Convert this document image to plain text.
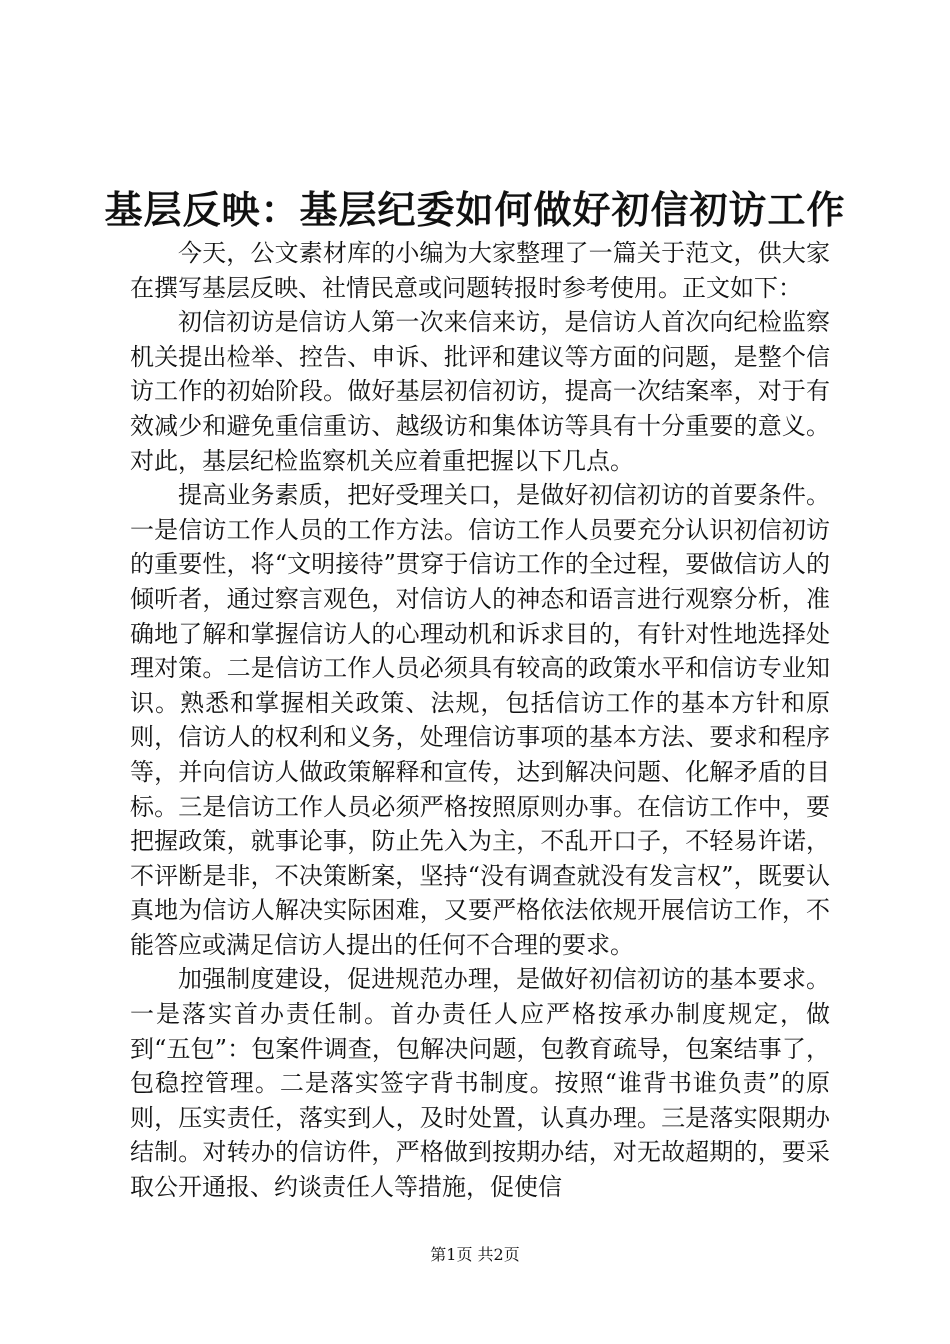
基层反映：基层纪委如何做好初信初访工作

今天，公文素材库的小编为大家整理了一篇关于范文，供大家在撰写基层反映、社情民意或问题转报时参考使用。正文如下：

初信初访是信访人第一次来信来访，是信访人首次向纪检监察机关提出检举、控告、申诉、批评和建议等方面的问题，是整个信访工作的初始阶段。做好基层初信初访，提高一次结案率，对于有效减少和避免重信重访、越级访和集体访等具有十分重要的意义。对此，基层纪检监察机关应着重把握以下几点。

提高业务素质，把好受理关口，是做好初信初访的首要条件。一是信访工作人员的工作方法。信访工作人员要充分认识初信初访的重要性，将“文明接待”贯穿于信访工作的全过程，要做信访人的倾听者，通过察言观色，对信访人的神态和语言进行观察分析，准确地了解和掌握信访人的心理动机和诉求目的，有针对性地选择处理对策。二是信访工作人员必须具有较高的政策水平和信访专业知识。熟悉和掌握相关政策、法规，包括信访工作的基本方针和原则，信访人的权利和义务，处理信访事项的基本方法、要求和程序等，并向信访人做政策解释和宣传，达到解决问题、化解矛盾的目标。三是信访工作人员必须严格按照原则办事。在信访工作中，要把握政策，就事论事，防止先入为主，不乱开口子，不轻易许诺，不评断是非，不决策断案，坚持“没有调查就没有发言权”，既要认真地为信访人解决实际困难，又要严格依法依规开展信访工作，不能答应或满足信访人提出的任何不合理的要求。

加强制度建设，促进规范办理，是做好初信初访的基本要求。一是落实首办责任制。首办责任人应严格按承办制度规定，做到“五包”：包案件调查，包解决问题，包教育疏导，包案结事了，包稳控管理。二是落实签字背书制度。按照“谁背书谁负责”的原则，压实责任，落实到人，及时处置，认真办理。三是落实限期办结制。对转办的信访件，严格做到按期办结，对无故超期的，要采取公开通报、约谈责任人等措施，促使信

第1页 共2页
